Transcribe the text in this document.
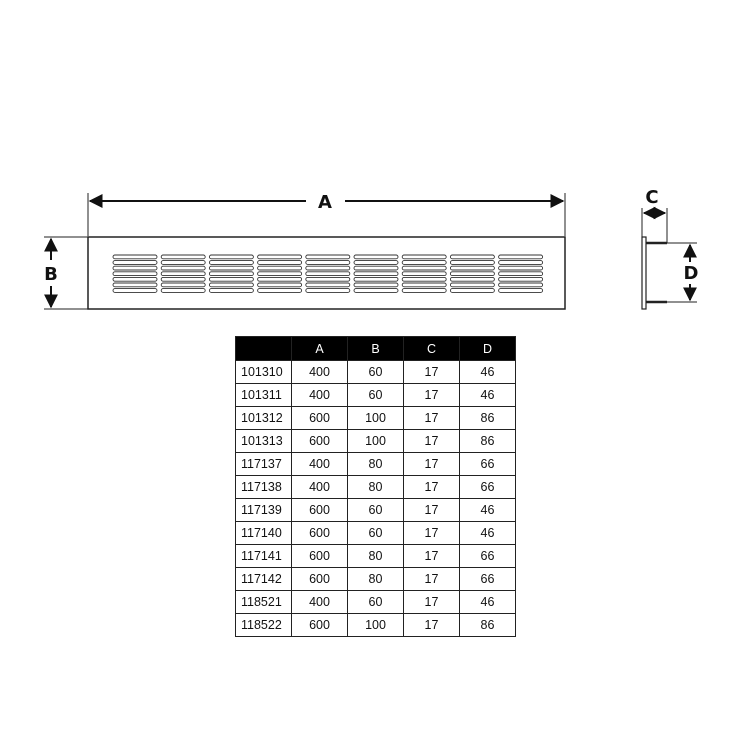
A
B
C
D
	A	B	C	D
101310	400	60	17	46
101311	400	60	17	46
101312	600	100	17	86
101313	600	100	17	86
117137	400	80	17	66
117138	400	80	17	66
117139	600	60	17	46
117140	600	60	17	46
117141	600	80	17	66
117142	600	80	17	66
118521	400	60	17	46
118522	600	100	17	86
